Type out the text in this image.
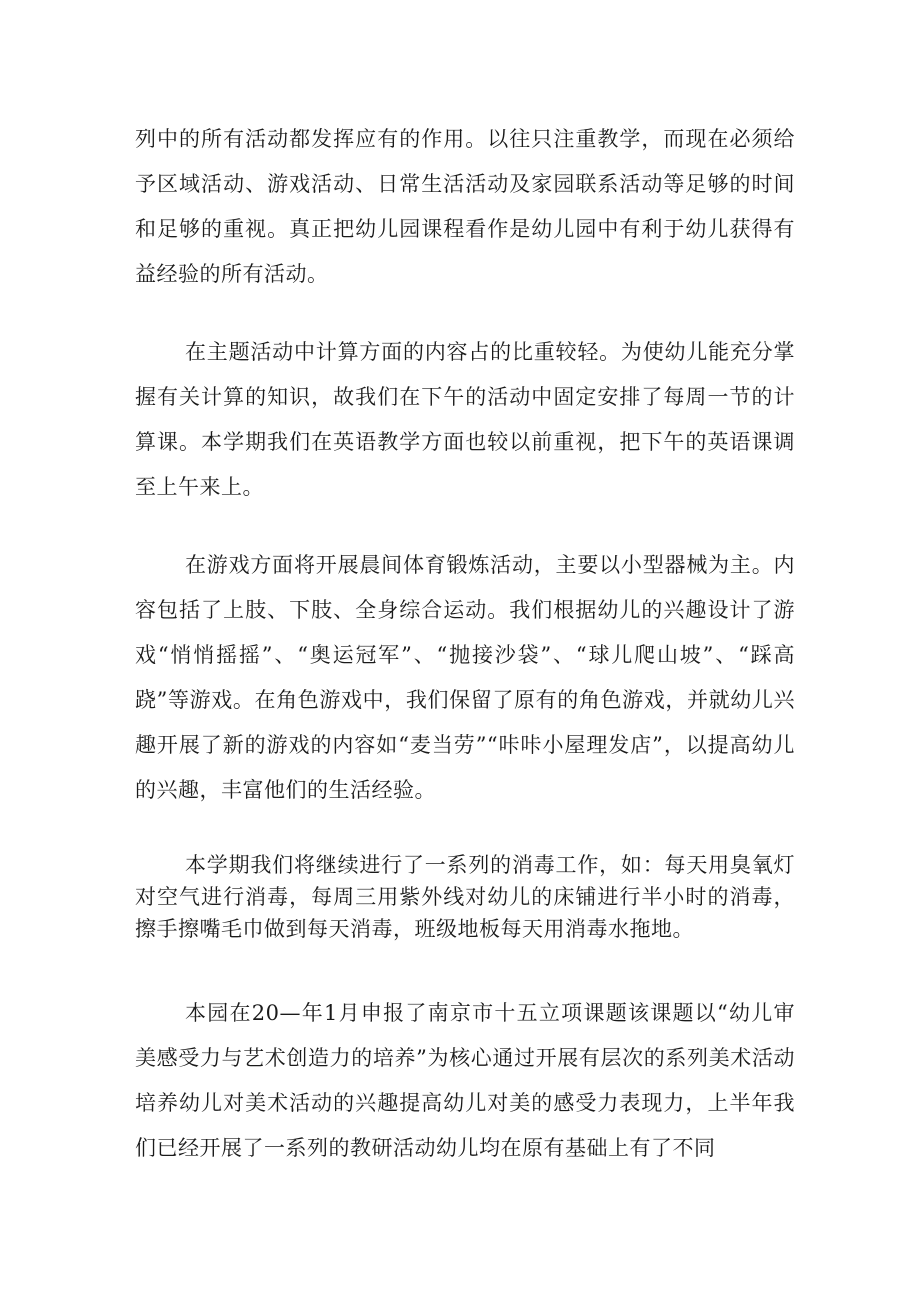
列中的所有活动都发挥应有的作用。以往只注重教学，而现在必须给予区域活动、游戏活动、日常生活活动及家园联系活动等足够的时间和足够的重视。真正把幼儿园课程看作是幼儿园中有利于幼儿获得有益经验的所有活动。

在主题活动中计算方面的内容占的比重较轻。为使幼儿能充分掌握有关计算的知识，故我们在下午的活动中固定安排了每周一节的计算课。本学期我们在英语教学方面也较以前重视，把下午的英语课调至上午来上。

在游戏方面将开展晨间体育锻炼活动，主要以小型器械为主。内容包括了上肢、下肢、全身综合运动。我们根据幼儿的兴趣设计了游戏“悄悄摇摇”、“奥运冠军”、“抛接沙袋”、“球儿爬山坡”、“踩高跷”等游戏。在角色游戏中，我们保留了原有的角色游戏，并就幼儿兴趣开展了新的游戏的内容如“麦当劳”“咔咔小屋理发店”，以提高幼儿的兴趣，丰富他们的生活经验。

本学期我们将继续进行了一系列的消毒工作，如：每天用臭氧灯对空气进行消毒，每周三用紫外线对幼儿的床铺进行半小时的消毒，擦手擦嘴毛巾做到每天消毒，班级地板每天用消毒水拖地。

本园在20—年1月申报了南京市十五立项课题该课题以“幼儿审美感受力与艺术创造力的培养”为核心通过开展有层次的系列美术活动培养幼儿对美术活动的兴趣提高幼儿对美的感受力表现力，上半年我们已经开展了一系列的教研活动幼儿均在原有基础上有了不同
